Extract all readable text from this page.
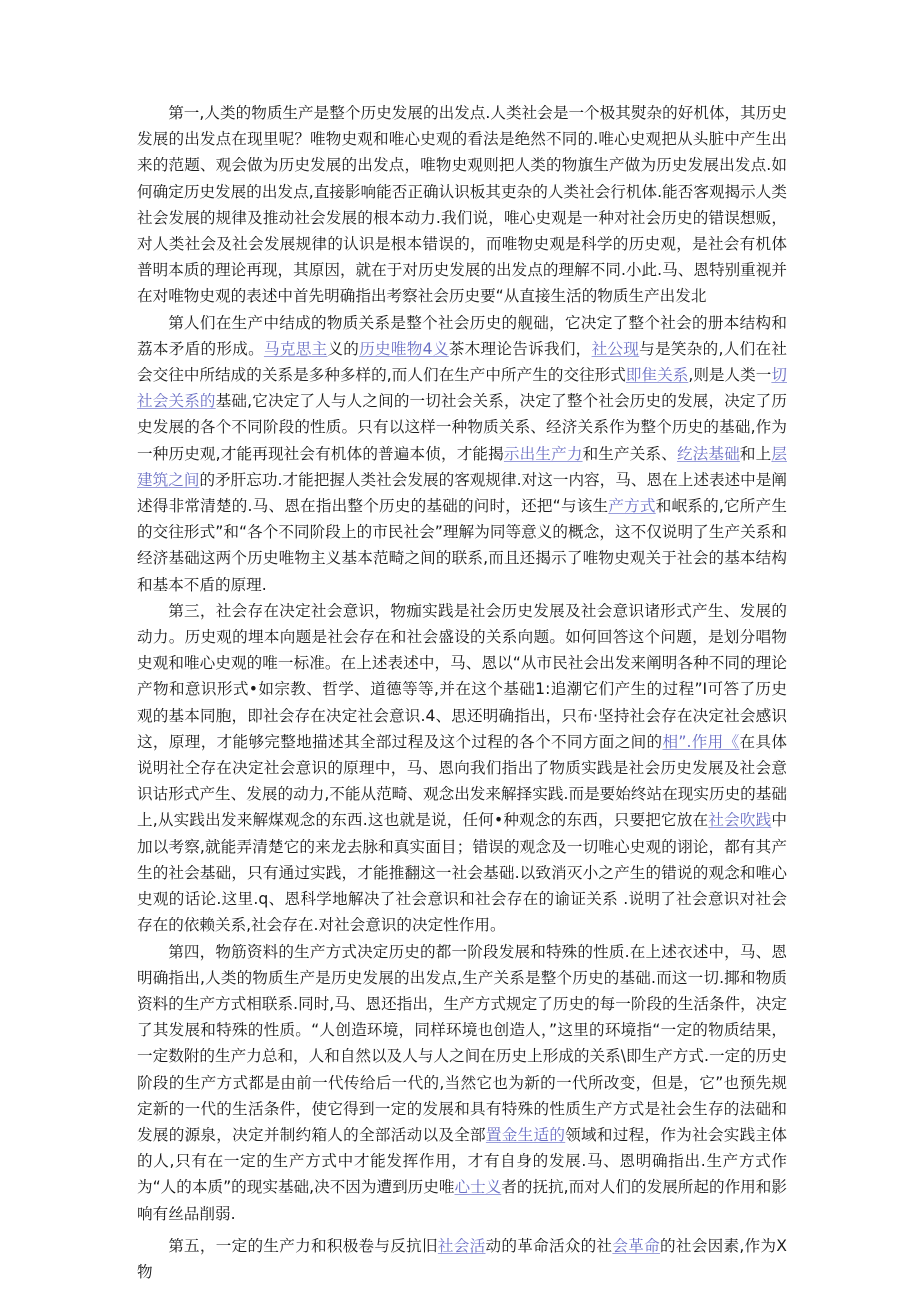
第一,人类的物质生产是整个历史发展的出发点.人类社会是一个极其熨杂的好机体，其历史发展的出发点在现里呢？唯物史观和唯心史观的看法是绝然不同的.唯心史观把从头脏中产生出来的范题、观会做为历史发展的出发点，唯物史观则把人类的物旗生产做为历史发展出发点.如何确定历史发展的出发点,直接影响能否正确认识板其吏杂的人类社会行机体.能否客观揭示人类社会发展的规律及推动社会发展的根本动力.我们说，唯心史观是一种对社会历史的错误想贩，对人类社会及社会发展规律的认识是根本错误的，而唯物史观是科学的历史观，是社会有机体普明本质的理论再现，其原因，就在于对历史发展的出发点的理解不同.小此.马、恩特别重视并在对唯物史观的表述中首先明确指出考察社会历史要“从直接生活的物质生产出发北

第人们在生产中结成的物质关系是整个社会历史的舰础，它决定了整个社会的册本结构和荔本矛盾的形成。马克思主义的历史唯物4义茶木理论告诉我们，社公现与是笑杂的,人们在社会交往中所结成的关系是多种多样的,而人们在生产中所产生的交往形式即隹关系,则是人类一切社会关系的基础,它决定了人与人之间的一切社会关系，决定了整个社会历史的发展，决定了历史发展的各个不同阶段的性质。只有以这样一种物质关系、经济关系作为整个历史的基础,作为一种历史观,才能再现社会有机体的普遍本侦，才能揭示出生产力和生产关系、纥法基础和上层建筑之间的矛肝忘功.才能把握人类社会发展的客观规律.对这一内容，马、恩在上述表述中是阐述得非常清楚的.马、恩在指出整个历史的基础的问时，还把“与该生产方式和岷系的,它所产生的交往形式”和“各个不同阶段上的市民社会”理解为同等意义的概念，这不仅说明了生产关系和经济基础这两个历史唯物主义基本范畸之间的联系,而且还揭示了唯物史观关于社会的基本结构和基本不盾的原理.

第三，社会存在决定社会意识，物痂实践是社会历史发展及社会意识诸形式产生、发展的动力。历史观的埋本向题是社会存在和社会盛设的关系向题。如何回答这个问题，是划分唱物史观和唯心史观的唯一标准。在上述表述中，马、恩以“从市民社会出发来阐明各种不同的理论产物和意识形式•如宗教、哲学、道德等等,并在这个基础1:追潮它们产生的过程”I可答了历史观的基本同胞，即社会存在决定社会意识.4、思还明确指出，只布·坚持社会存在决定社会感识这，原理，才能够完整地描述其全部过程及这个过程的各个不同方面之间的相”.作用《在具体说明社仝存在决定社会意识的原理中，马、恩向我们指出了物质实践是社会历史发展及社会意识诂形式产生、发展的动力,不能从范畸、观念出发来解择实践.而是要始终站在现实历史的基础上,从实践出发来解煤观念的东西.这也就是说，任何•种观念的东西，只要把它放在社会吹践中加以考察,就能弄清楚它的来龙去脉和真实面目；错误的观念及一切唯心史观的诩论，都有其产生的社会基础，只有通过实践，才能推翻这一社会基础.以致消灭小之产生的错说的观念和唯心史观的话论.这里.q、恩科学地解决了社会意识和社会存在的谕证关系 .说明了社会意识对社会存在的依赖关系,社会存在.对社会意识的决定性作用。

第四，物筋资料的生产方式决定历史的都一阶段发展和特殊的性质.在上述衣述中，马、恩明确指出,人类的物质生产是历史发展的出发点,生产关系是整个历史的基础.而这一切.揶和物质资料的生产方式相联系.同时,马、恩还指出，生产方式规定了历史的每一阶段的生活条件，决定了其发展和特殊的性质。“人创造环境，同样环境也创造人，”这里的环境指“一定的物质结果，一定数附的生产力总和，人和自然以及人与人之间在历史上形成的关系\即生产方式.一定的历史阶段的生产方式都是由前一代传给后一代的,当然它也为新的一代所改变，但是，它”也预先规定新的一代的生活条件，使它得到一定的发展和具有特殊的性质生产方式是社会生存的法础和发展的源泉，决定并制约箱人的全部活动以及全部置金生适的领域和过程，作为社会实践主体的人,只有在一定的生产方式中才能发挥作用，才有自身的发展.马、恩明确指出.生产方式作为“人的本质”的现实基础,决不因为遭到历史唯心士义者的抚抗,而对人们的发展所起的作用和影响有丝品削弱.

第五，一定的生产力和积极卷与反抗旧社会活动的革命活众的社会革命的社会因素,作为X物
